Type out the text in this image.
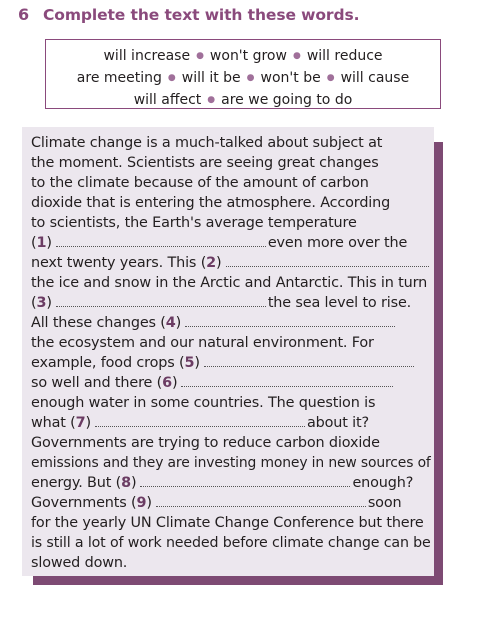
6 Complete the text with these words.
will increase ● won't grow ● will reduce
are meeting ● will it be ● won't be ● will cause
will affect ● are we going to do
Climate change is a much-talked about subject at
the moment. Scientists are seeing great changes
to the climate because of the amount of carbon
dioxide that is entering the atmosphere. According
to scientists, the Earth's average temperature
( 1 )	even more over the
next twenty years. This ( 2 )
the ice and snow in the Arctic and Antarctic. This in turn
( 3 )	the sea level to rise.
All these changes ( 4 )
the ecosystem and our natural environment. For
example, food crops ( 5 )
so well and there ( 6 )
enough water in some countries. The question is
what ( 7 )	about it?
Governments are trying to reduce carbon dioxide
emissions and they are investing money in new sources of
energy. But ( 8 )	enough?
Governments ( 9 )	soon
for the yearly UN Climate Change Conference but there
is still a lot of work needed before climate change can be
slowed down.
